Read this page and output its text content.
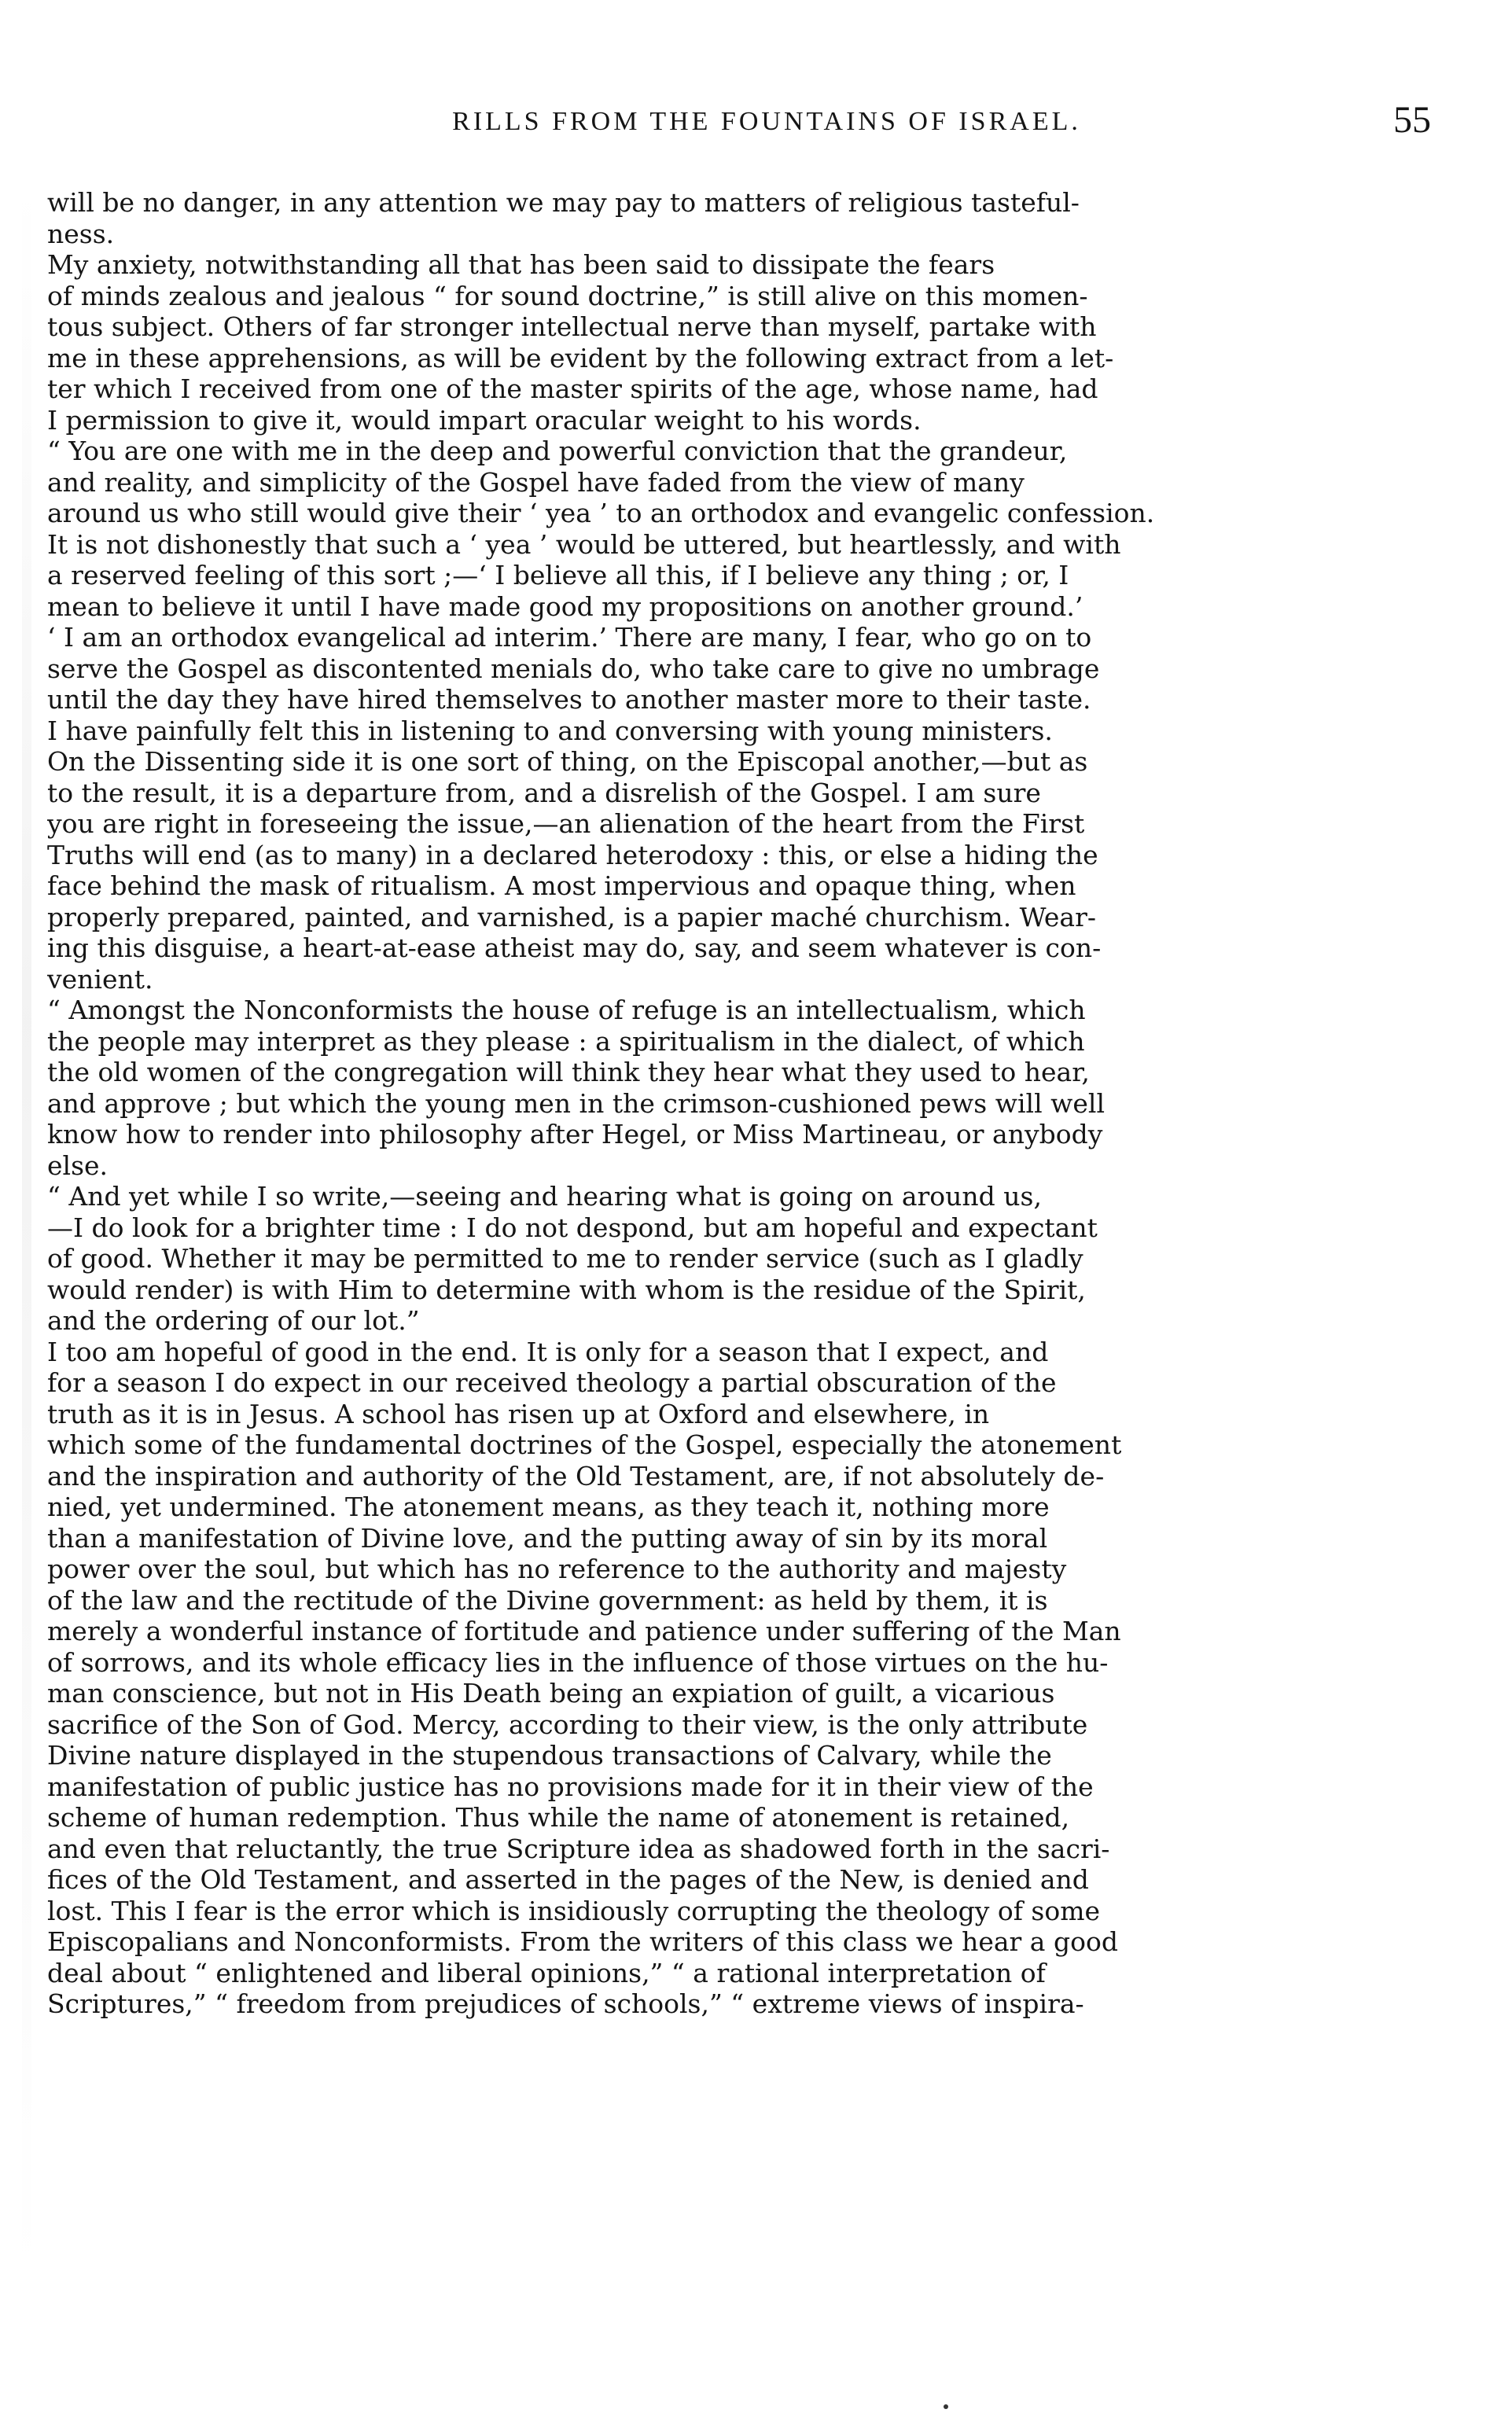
RILLS FROM THE FOUNTAINS OF ISRAEL.	55
will be no danger, in any attention we may pay to matters of religious tasteful-
ness.
My anxiety, notwithstanding all that has been said to dissipate the fears
of minds zealous and jealous “ for sound doctrine,” is still alive on this momen-
tous subject. Others of far stronger intellectual nerve than myself, partake with
me in these apprehensions, as will be evident by the following extract from a let-
ter which I received from one of the master spirits of the age, whose name, had
I permission to give it, would impart oracular weight to his words.
“ You are one with me in the deep and powerful conviction that the grandeur,
and reality, and simplicity of the Gospel have faded from the view of many
around us who still would give their ‘ yea ’ to an orthodox and evangelic confession.
It is not dishonestly that such a ‘ yea ’ would be uttered, but heartlessly, and with
a reserved feeling of this sort ;—‘ I believe all this, if I believe any thing ; or, I
mean to believe it until I have made good my propositions on another ground.’
‘ I am an orthodox evangelical ad interim.’ There are many, I fear, who go on to
serve the Gospel as discontented menials do, who take care to give no umbrage
until the day they have hired themselves to another master more to their taste.
I have painfully felt this in listening to and conversing with young ministers.
On the Dissenting side it is one sort of thing, on the Episcopal another,—but as
to the result, it is a departure from, and a disrelish of the Gospel. I am sure
you are right in foreseeing the issue,—an alienation of the heart from the First
Truths will end (as to many) in a declared heterodoxy : this, or else a hiding the
face behind the mask of ritualism. A most impervious and opaque thing, when
properly prepared, painted, and varnished, is a papier maché churchism. Wear-
ing this disguise, a heart-at-ease atheist may do, say, and seem whatever is con-
venient.
“ Amongst the Nonconformists the house of refuge is an intellectualism, which
the people may interpret as they please : a spiritualism in the dialect, of which
the old women of the congregation will think they hear what they used to hear,
and approve ; but which the young men in the crimson-cushioned pews will well
know how to render into philosophy after Hegel, or Miss Martineau, or anybody
else.
“ And yet while I so write,—seeing and hearing what is going on around us,
—I do look for a brighter time : I do not despond, but am hopeful and expectant
of good. Whether it may be permitted to me to render service (such as I gladly
would render) is with Him to determine with whom is the residue of the Spirit,
and the ordering of our lot.”
I too am hopeful of good in the end. It is only for a season that I expect, and
for a season I do expect in our received theology a partial obscuration of the
truth as it is in Jesus. A school has risen up at Oxford and elsewhere, in
which some of the fundamental doctrines of the Gospel, especially the atonement
and the inspiration and authority of the Old Testament, are, if not absolutely de-
nied, yet undermined. The atonement means, as they teach it, nothing more
than a manifestation of Divine love, and the putting away of sin by its moral
power over the soul, but which has no reference to the authority and majesty
of the law and the rectitude of the Divine government: as held by them, it is
merely a wonderful instance of fortitude and patience under suffering of the Man
of sorrows, and its whole efficacy lies in the influence of those virtues on the hu-
man conscience, but not in His Death being an expiation of guilt, a vicarious
sacrifice of the Son of God. Mercy, according to their view, is the only attribute
Divine nature displayed in the stupendous transactions of Calvary, while the
manifestation of public justice has no provisions made for it in their view of the
scheme of human redemption. Thus while the name of atonement is retained,
and even that reluctantly, the true Scripture idea as shadowed forth in the sacri-
fices of the Old Testament, and asserted in the pages of the New, is denied and
lost. This I fear is the error which is insidiously corrupting the theology of some
Episcopalians and Nonconformists. From the writers of this class we hear a good
deal about “ enlightened and liberal opinions,” “ a rational interpretation of
Scriptures,” “ freedom from prejudices of schools,” “ extreme views of inspira-
